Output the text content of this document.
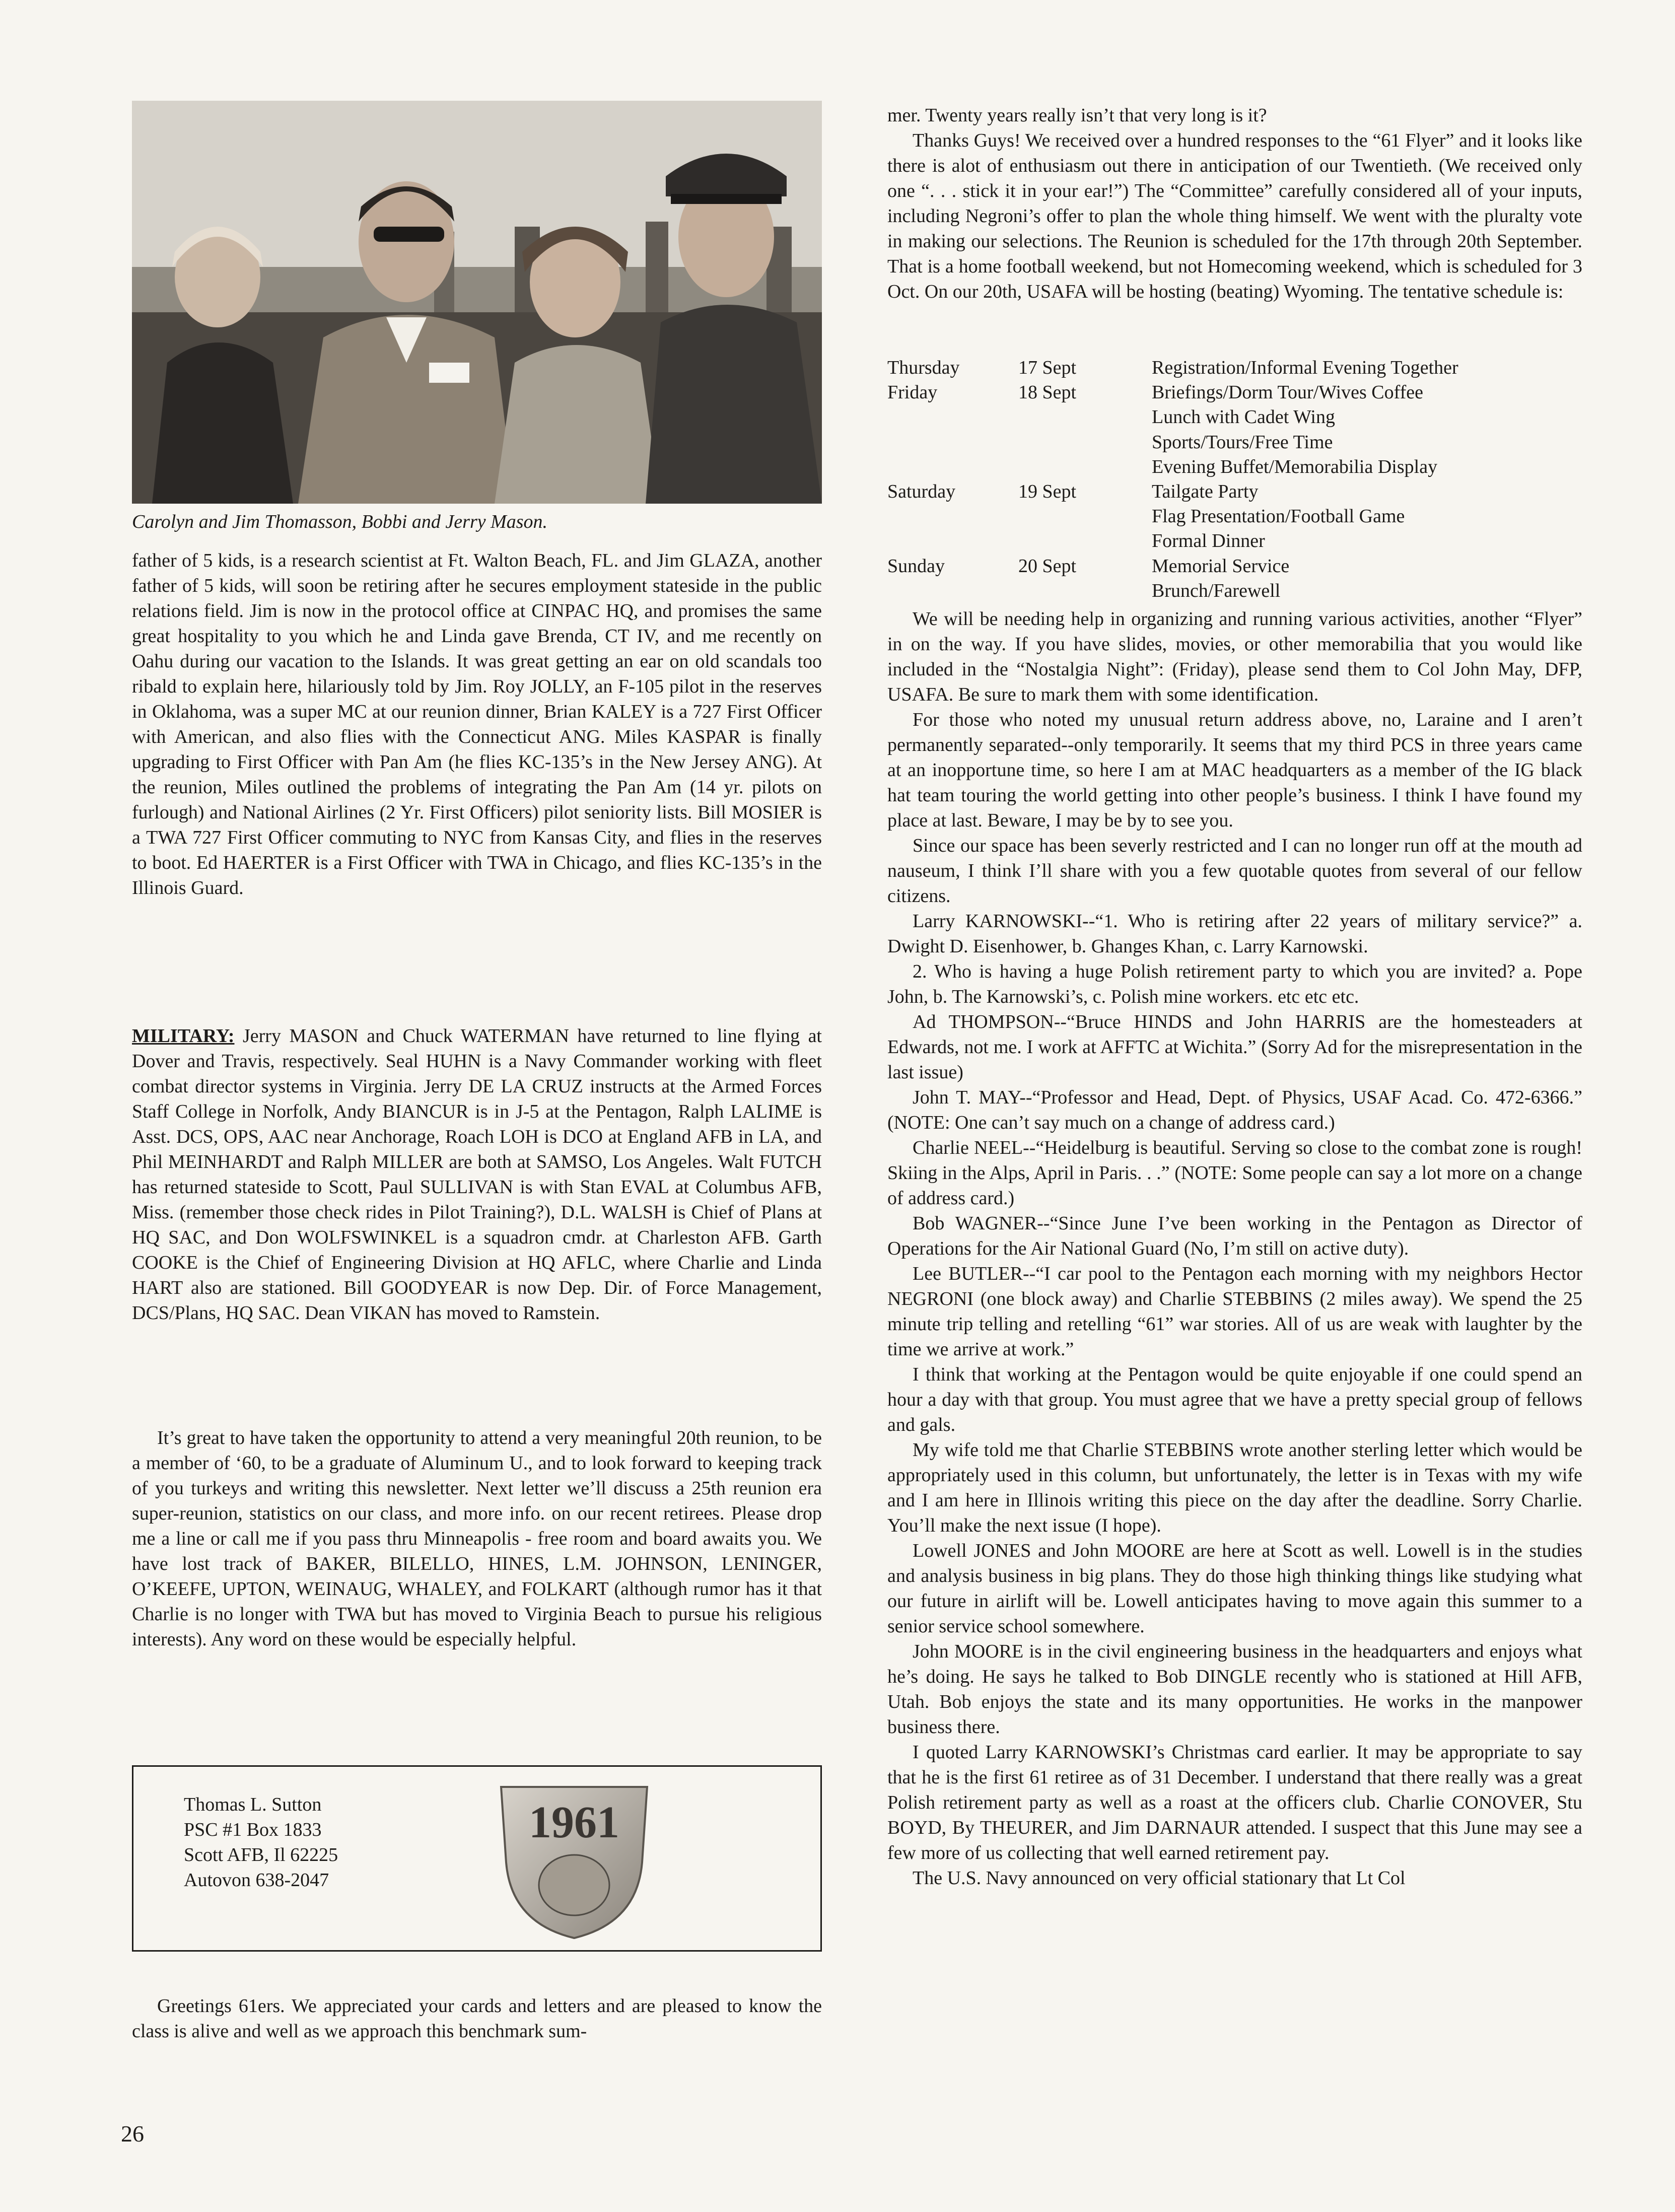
Carolyn and Jim Thomasson, Bobbi and Jerry Mason.

father of 5 kids, is a research scientist at Ft. Walton Beach, FL. and Jim GLAZA, another father of 5 kids, will soon be retiring after he secures employment stateside in the public relations field. Jim is now in the protocol office at CINPAC HQ, and promises the same great hospitality to you which he and Linda gave Brenda, CT IV, and me recently on Oahu during our vacation to the Islands. It was great getting an ear on old scandals too ribald to explain here, hilariously told by Jim. Roy JOLLY, an F-105 pilot in the reserves in Oklahoma, was a super MC at our reunion dinner, Brian KALEY is a 727 First Officer with American, and also flies with the Connecticut ANG. Miles KASPAR is finally upgrading to First Officer with Pan Am (he flies KC-135’s in the New Jersey ANG). At the reunion, Miles outlined the problems of integrating the Pan Am (14 yr. pilots on furlough) and National Airlines (2 Yr. First Officers) pilot seniority lists. Bill MOSIER is a TWA 727 First Officer commuting to NYC from Kansas City, and flies in the reserves to boot. Ed HAERTER is a First Officer with TWA in Chicago, and flies KC-135’s in the Illinois Guard.

MILITARY: Jerry MASON and Chuck WATERMAN have returned to line flying at Dover and Travis, respectively. Seal HUHN is a Navy Commander working with fleet combat director systems in Virginia. Jerry DE LA CRUZ instructs at the Armed Forces Staff College in Norfolk, Andy BIANCUR is in J-5 at the Pentagon, Ralph LALIME is Asst. DCS, OPS, AAC near Anchorage, Roach LOH is DCO at England AFB in LA, and Phil MEINHARDT and Ralph MILLER are both at SAMSO, Los Angeles. Walt FUTCH has returned stateside to Scott, Paul SULLIVAN is with Stan EVAL at Columbus AFB, Miss. (remember those check rides in Pilot Training?), D.L. WALSH is Chief of Plans at HQ SAC, and Don WOLFSWINKEL is a squadron cmdr. at Charleston AFB. Garth COOKE is the Chief of Engineering Division at HQ AFLC, where Charlie and Linda HART also are stationed. Bill GOODYEAR is now Dep. Dir. of Force Management, DCS/Plans, HQ SAC. Dean VIKAN has moved to Ramstein.

It’s great to have taken the opportunity to attend a very meaningful 20th reunion, to be a member of ‘60, to be a graduate of Aluminum U., and to look forward to keeping track of you turkeys and writing this newsletter. Next letter we’ll discuss a 25th reunion era super-reunion, statistics on our class, and more info. on our recent retirees. Please drop me a line or call me if you pass thru Minneapolis - free room and board awaits you. We have lost track of BAKER, BILELLO, HINES, L.M. JOHNSON, LENINGER, O’KEEFE, UPTON, WEINAUG, WHALEY, and FOLKART (although rumor has it that Charlie is no longer with TWA but has moved to Virginia Beach to pursue his religious interests). Any word on these would be especially helpful.

Thomas L. Sutton
PSC #1 Box 1833
Scott AFB, Il 62225
Autovon 638-2047
1961

Greetings 61ers. We appreciated your cards and letters and are pleased to know the class is alive and well as we approach this benchmark sum-

26

mer. Twenty years really isn’t that very long is it?

Thanks Guys! We received over a hundred responses to the “61 Flyer” and it looks like there is alot of enthusiasm out there in anticipation of our Twentieth. (We received only one “. . . stick it in your ear!”) The “Committee” carefully considered all of your inputs, including Negroni’s offer to plan the whole thing himself. We went with the pluralty vote in making our selections. The Reunion is scheduled for the 17th through 20th September. That is a home football weekend, but not Homecoming weekend, which is scheduled for 3 Oct. On our 20th, USAFA will be hosting (beating) Wyoming. The tentative schedule is:

Thursday	17 Sept	Registration/Informal Evening Together
Friday	18 Sept	Briefings/Dorm Tour/Wives Coffee
		Lunch with Cadet Wing
		Sports/Tours/Free Time
		Evening Buffet/Memorabilia Display
Saturday	19 Sept	Tailgate Party
		Flag Presentation/Football Game
		Formal Dinner
Sunday	20 Sept	Memorial Service
		Brunch/Farewell

We will be needing help in organizing and running various activities, another “Flyer” in on the way. If you have slides, movies, or other memorabilia that you would like included in the “Nostalgia Night”: (Friday), please send them to Col John May, DFP, USAFA. Be sure to mark them with some identification.

For those who noted my unusual return address above, no, Laraine and I aren’t permanently separated--only temporarily. It seems that my third PCS in three years came at an inopportune time, so here I am at MAC headquarters as a member of the IG black hat team touring the world getting into other people’s business. I think I have found my place at last. Beware, I may be by to see you.

Since our space has been severly restricted and I can no longer run off at the mouth ad nauseum, I think I’ll share with you a few quotable quotes from several of our fellow citizens.

Larry KARNOWSKI--“1. Who is retiring after 22 years of military service?” a. Dwight D. Eisenhower, b. Ghanges Khan, c. Larry Karnowski.

2. Who is having a huge Polish retirement party to which you are invited? a. Pope John, b. The Karnowski’s, c. Polish mine workers. etc etc etc.

Ad THOMPSON--“Bruce HINDS and John HARRIS are the homesteaders at Edwards, not me. I work at AFFTC at Wichita.” (Sorry Ad for the misrepresentation in the last issue)

John T. MAY--“Professor and Head, Dept. of Physics, USAF Acad. Co. 472-6366.” (NOTE: One can’t say much on a change of address card.)

Charlie NEEL--“Heidelburg is beautiful. Serving so close to the combat zone is rough! Skiing in the Alps, April in Paris. . .” (NOTE: Some people can say a lot more on a change of address card.)

Bob WAGNER--“Since June I’ve been working in the Pentagon as Director of Operations for the Air National Guard (No, I’m still on active duty).

Lee BUTLER--“I car pool to the Pentagon each morning with my neighbors Hector NEGRONI (one block away) and Charlie STEBBINS (2 miles away). We spend the 25 minute trip telling and retelling “61” war stories. All of us are weak with laughter by the time we arrive at work.”

I think that working at the Pentagon would be quite enjoyable if one could spend an hour a day with that group. You must agree that we have a pretty special group of fellows and gals.

My wife told me that Charlie STEBBINS wrote another sterling letter which would be appropriately used in this column, but unfortunately, the letter is in Texas with my wife and I am here in Illinois writing this piece on the day after the deadline. Sorry Charlie. You’ll make the next issue (I hope).

Lowell JONES and John MOORE are here at Scott as well. Lowell is in the studies and analysis business in big plans. They do those high thinking things like studying what our future in airlift will be. Lowell anticipates having to move again this summer to a senior service school somewhere.

John MOORE is in the civil engineering business in the headquarters and enjoys what he’s doing. He says he talked to Bob DINGLE recently who is stationed at Hill AFB, Utah. Bob enjoys the state and its many opportunities. He works in the manpower business there.

I quoted Larry KARNOWSKI’s Christmas card earlier. It may be appropriate to say that he is the first 61 retiree as of 31 December. I understand that there really was a great Polish retirement party as well as a roast at the officers club. Charlie CONOVER, Stu BOYD, By THEURER, and Jim DARNAUR attended. I suspect that this June may see a few more of us collecting that well earned retirement pay.

The U.S. Navy announced on very official stationary that Lt Col
